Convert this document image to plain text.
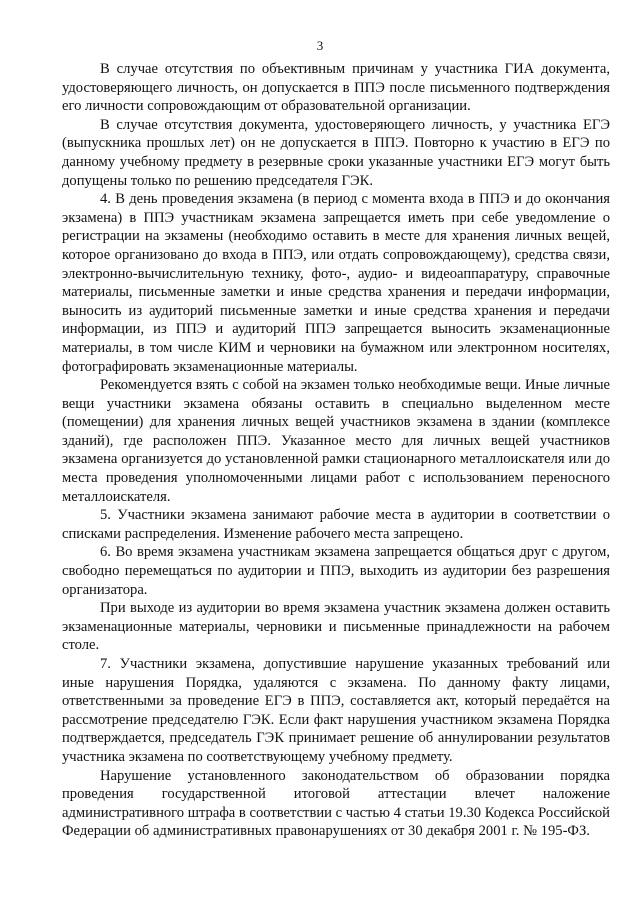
3

В случае отсутствия по объективным причинам у участника ГИА документа, удостоверяющего личность, он допускается в ППЭ после письменного подтверждения его личности сопровождающим от образовательной организации.

В случае отсутствия документа, удостоверяющего личность, у участника ЕГЭ (выпускника прошлых лет) он не допускается в ППЭ. Повторно к участию в ЕГЭ по данному учебному предмету в резервные сроки указанные участники ЕГЭ могут быть допущены только по решению председателя ГЭК.

4. В день проведения экзамена (в период с момента входа в ППЭ и до окончания экзамена) в ППЭ участникам экзамена запрещается иметь при себе уведомление о регистрации на экзамены (необходимо оставить в месте для хранения личных вещей, которое организовано до входа в ППЭ, или отдать сопровождающему), средства связи, электронно-вычислительную технику, фото-, аудио- и видеоаппаратуру, справочные материалы, письменные заметки и иные средства хранения и передачи информации, выносить из аудиторий письменные заметки и иные средства хранения и передачи информации, из ППЭ и аудиторий ППЭ запрещается выносить экзаменационные материалы, в том числе КИМ и черновики на бумажном или электронном носителях, фотографировать экзаменационные материалы.

Рекомендуется взять с собой на экзамен только необходимые вещи. Иные личные вещи участники экзамена обязаны оставить в специально выделенном месте (помещении) для хранения личных вещей участников экзамена в здании (комплексе зданий), где расположен ППЭ. Указанное место для личных вещей участников экзамена организуется до установленной рамки стационарного металлоискателя или до места проведения уполномоченными лицами работ с использованием переносного металлоискателя.

5. Участники экзамена занимают рабочие места в аудитории в соответствии о списками распределения. Изменение рабочего места запрещено.

6. Во время экзамена участникам экзамена запрещается общаться друг с другом, свободно перемещаться по аудитории и ППЭ, выходить из аудитории без разрешения организатора.

При выходе из аудитории во время экзамена участник экзамена должен оставить экзаменационные материалы, черновики и письменные принадлежности на рабочем столе.

7. Участники экзамена, допустившие нарушение указанных требований или иные нарушения Порядка, удаляются с экзамена. По данному факту лицами, ответственными за проведение ЕГЭ в ППЭ, составляется акт, который передаётся на рассмотрение председателю ГЭК. Если факт нарушения участником экзамена Порядка подтверждается, председатель ГЭК принимает решение об аннулировании результатов участника экзамена по соответствующему учебному предмету.

Нарушение установленного законодательством об образовании порядка проведения государственной итоговой аттестации влечет наложение административного штрафа в соответствии с частью 4 статьи 19.30 Кодекса Российской Федерации об административных правонарушениях от 30 декабря 2001 г. № 195-ФЗ.
